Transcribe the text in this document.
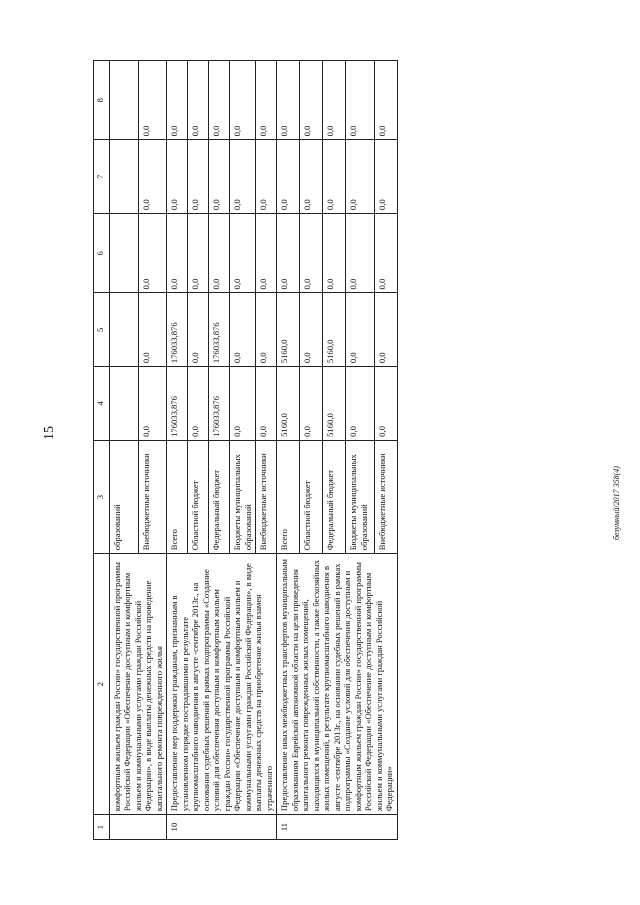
15
безумный/2017 358(4)
1	2	3	4	5	6	7	8
	комфортным жильем граждан России» государственной программы Российской Федерации «Обеспечение доступным и комфортным жильем и коммунальными услугами граждан Российской Федерации», в виде выплаты денежных средств на проведение капитального ремонта поврежденного жилья	образований					
		Внебюджетные источники	0,0	0,0	0,0	0,0	0,0
10	Предоставление мер поддержки гражданам, признанным в установленном порядке пострадавшими в результате крупномасштабного наводнения в августе -сентябре 2013г., на основании судебных решений в рамках подпрограммы «Создание условий для обеспечения доступным и комфортным жильем граждан России» государственной программы Российской Федерации «Обеспечение доступным и комфортным жильем и коммунальными услугами граждан Российской Федерации», в виде выплаты денежных средств на приобретение жилья взамен утраченного	Всего	176033,876	176033,876	0,0	0,0	0,0
		Областной бюджет	0,0	0,0	0,0	0,0	0,0
		Федеральный бюджет	176033,876	176033,876	0,0	0,0	0,0
		Бюджеты муниципальных образований	0,0	0,0	0,0	0,0	0,0
		Внебюджетные источники	0,0	0,0	0,0	0,0	0,0
11	Предоставление иных межбюджетных трансфертов муниципальным образованиям Еврейской автономной области на цели проведения капитального ремонта поврежденных жилых помещений, находящихся в муниципальной собственности, а также бесхозяйных жилых помещений, в результате крупномасштабного наводнения в августе -сентябре 2013г., на основании судебных решений в рамках подпрограммы «Создание условий для обеспечения доступным и комфортным жильем граждан России» государственной программы Российской Федерации «Обеспечение доступным и комфортным жильем и коммунальными услугами граждан Российской Федерации»	Всего	5160,0	5160,0	0,0	0,0	0,0
		Областной бюджет	0,0	0,0	0,0	0,0	0,0
		Федеральный бюджет	5160,0	5160,0	0,0	0,0	0,0
		Бюджеты муниципальных образований	0,0	0,0	0,0	0,0	0,0
		Внебюджетные источники	0,0	0,0	0,0	0,0	0,0
